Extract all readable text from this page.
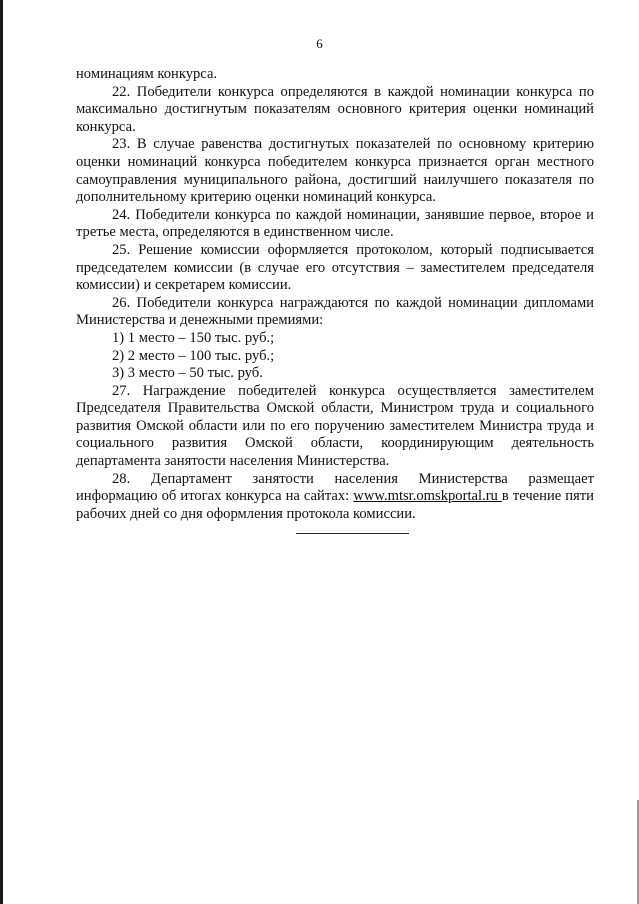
6

номинациям конкурса.

22. Победители конкурса определяются в каждой номинации конкурса по максимально достигнутым показателям основного критерия оценки номинаций конкурса.

23. В случае равенства достигнутых показателей по основному критерию оценки номинаций конкурса победителем конкурса признается орган местного самоуправления муниципального района, достигший наилучшего показателя по дополнительному критерию оценки номинаций конкурса.

24. Победители конкурса по каждой номинации, занявшие первое, второе и третье места, определяются в единственном числе.

25. Решение комиссии оформляется протоколом, который подписывается председателем комиссии (в случае его отсутствия – заместителем председателя комиссии) и секретарем комиссии.

26. Победители конкурса награждаются по каждой номинации дипломами Министерства и денежными премиями:

1) 1 место – 150 тыс. руб.;

2) 2 место – 100 тыс. руб.;

3) 3 место – 50 тыс. руб.

27. Награждение победителей конкурса осуществляется заместителем Председателя Правительства Омской области, Министром труда и социального развития Омской области или по его поручению заместителем Министра труда и социального развития Омской области, координирующим деятельность департамента занятости населения Министерства.

28. Департамент занятости населения Министерства размещает информацию об итогах конкурса на сайтах: www.mtsr.omskportal.ru в течение пяти рабочих дней со дня оформления протокола комиссии.
